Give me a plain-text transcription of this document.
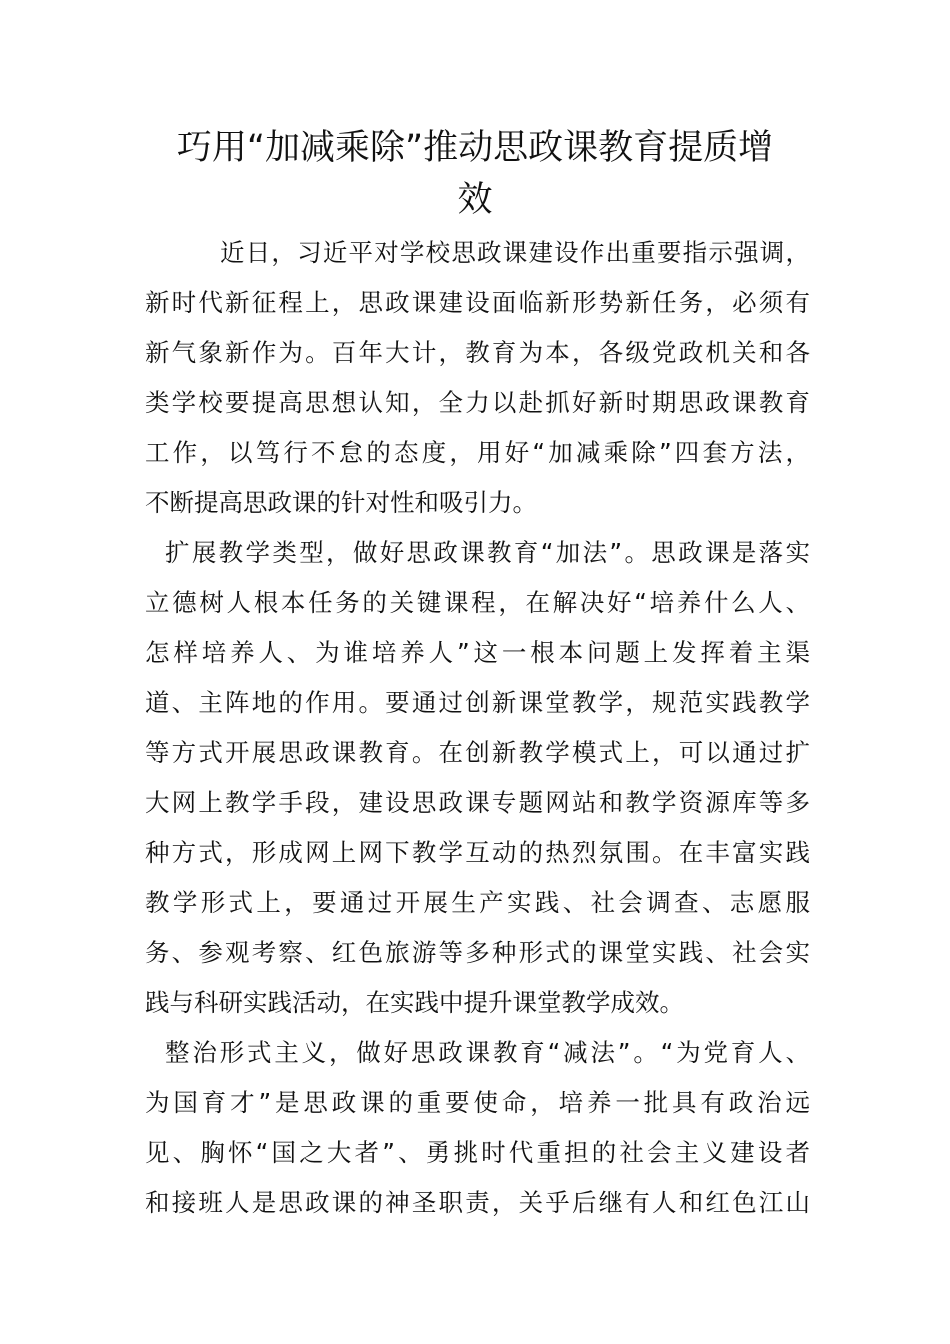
巧用“加减乘除”推动思政课教育提质增
效
近日，习近平对学校思政课建设作出重要指示强调，
新时代新征程上，思政课建设面临新形势新任务，必须有
新气象新作为。百年大计，教育为本，各级党政机关和各
类学校要提高思想认知，全力以赴抓好新时期思政课教育
工作，以笃行不怠的态度，用好“加减乘除”四套方法，
不断提高思政课的针对性和吸引力。
扩展教学类型，做好思政课教育“加法”。思政课是落实
立德树人根本任务的关键课程，在解决好“培养什么人、
怎样培养人、为谁培养人”这一根本问题上发挥着主渠
道、主阵地的作用。要通过创新课堂教学，规范实践教学
等方式开展思政课教育。在创新教学模式上，可以通过扩
大网上教学手段，建设思政课专题网站和教学资源库等多
种方式，形成网上网下教学互动的热烈氛围。在丰富实践
教学形式上，要通过开展生产实践、社会调查、志愿服
务、参观考察、红色旅游等多种形式的课堂实践、社会实
践与科研实践活动，在实践中提升课堂教学成效。
整治形式主义，做好思政课教育“减法”。“为党育人、
为国育才”是思政课的重要使命，培养一批具有政治远
见、胸怀“国之大者”、勇挑时代重担的社会主义建设者
和接班人是思政课的神圣职责，关乎后继有人和红色江山
